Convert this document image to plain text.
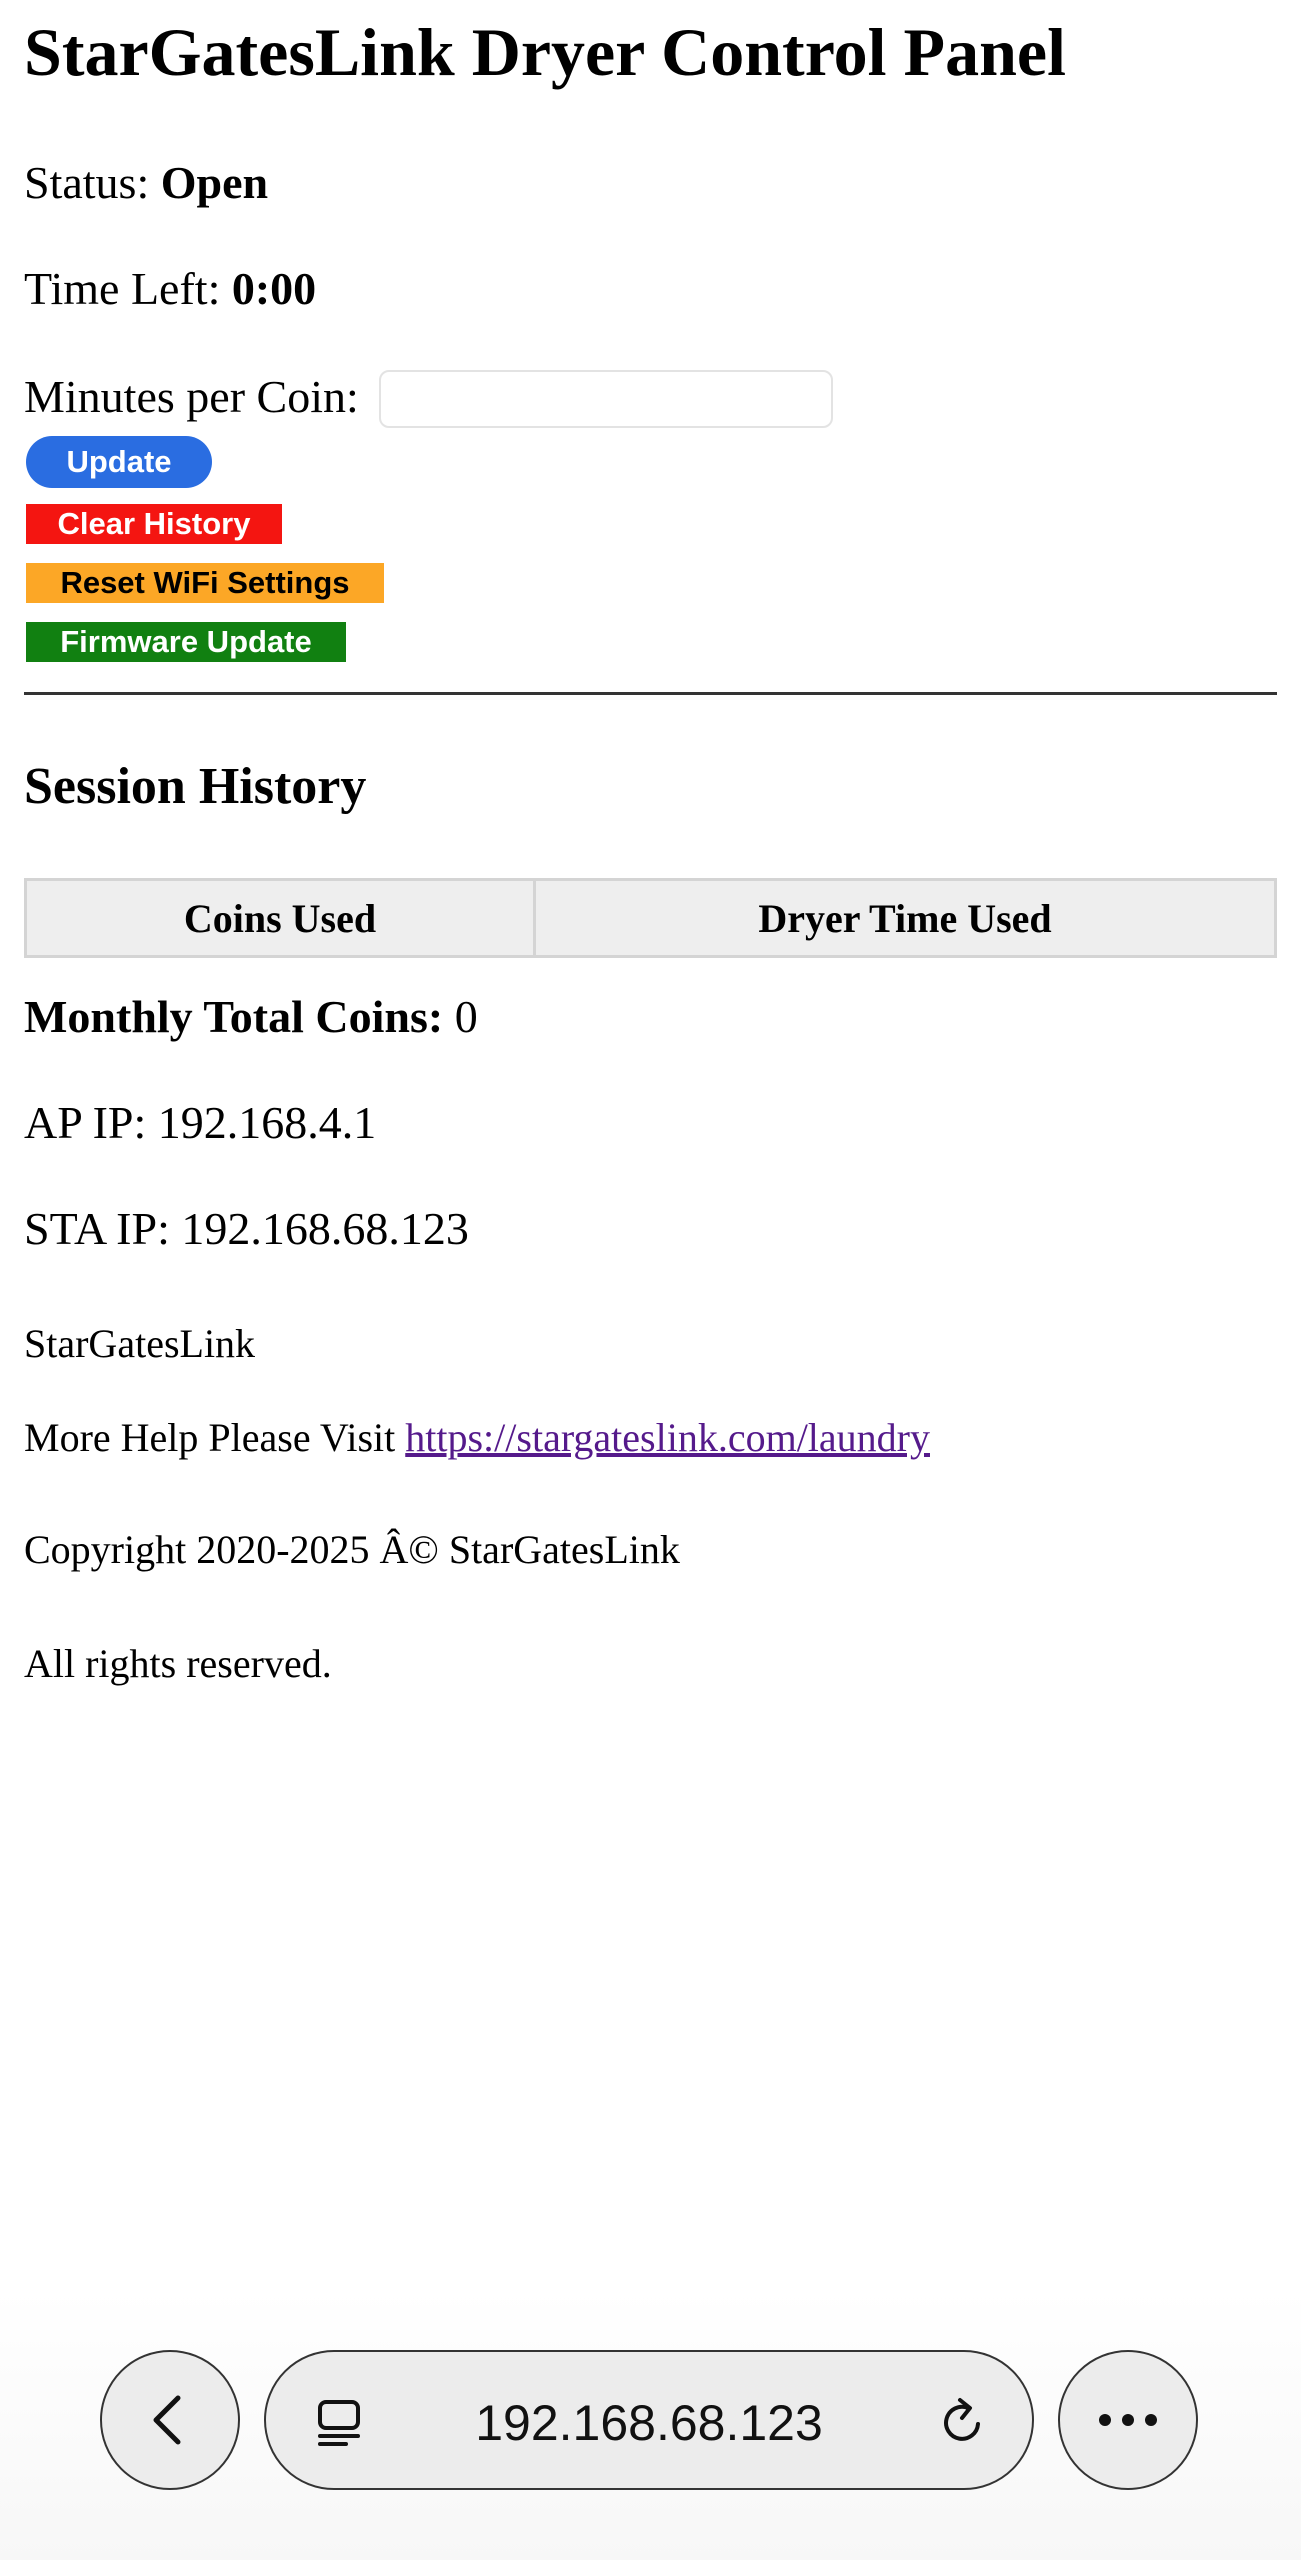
StarGatesLink Dryer Control Panel
Status: Open
Time Left: 0:00
Minutes per Coin:
Update
Clear History
Reset WiFi Settings
Firmware Update
Session History
Coins Used	Dryer Time Used
Monthly Total Coins: 0
AP IP: 192.168.4.1
STA IP: 192.168.68.123
StarGatesLink
More Help Please Visit https://stargateslink.com/laundry
Copyright 2020-2025 Â© StarGatesLink
All rights reserved.
192.168.68.123
